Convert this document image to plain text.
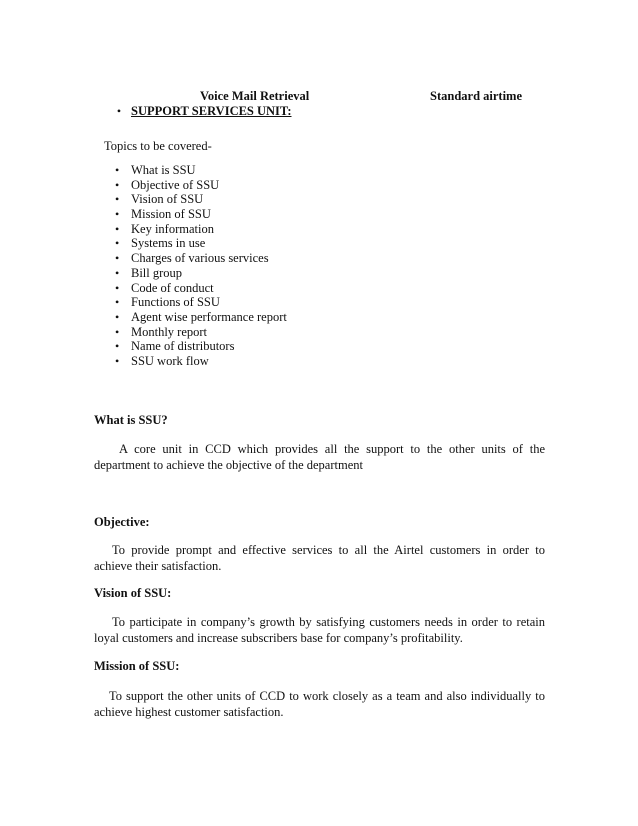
Voice Mail Retrieval	Standard airtime
• SUPPORT SERVICES UNIT:
Topics to be covered-
• What is SSU
• Objective of SSU
• Vision of SSU
• Mission of SSU
• Key information
• Systems in use
• Charges of various services
• Bill group
• Code of conduct
• Functions of SSU
• Agent wise performance report
• Monthly report
• Name of distributors
• SSU work flow
What is SSU?
A core unit in CCD which provides all the support to the other units of the department to achieve the objective of the department
Objective:
To provide prompt and effective services to all the Airtel customers in order to achieve their satisfaction.
Vision of SSU:
To participate in company’s growth by satisfying customers needs in order to retain loyal customers and increase subscribers base for company’s profitability.
Mission of SSU:
To support the other units of CCD to work closely as a team and also individually to achieve highest customer satisfaction.
